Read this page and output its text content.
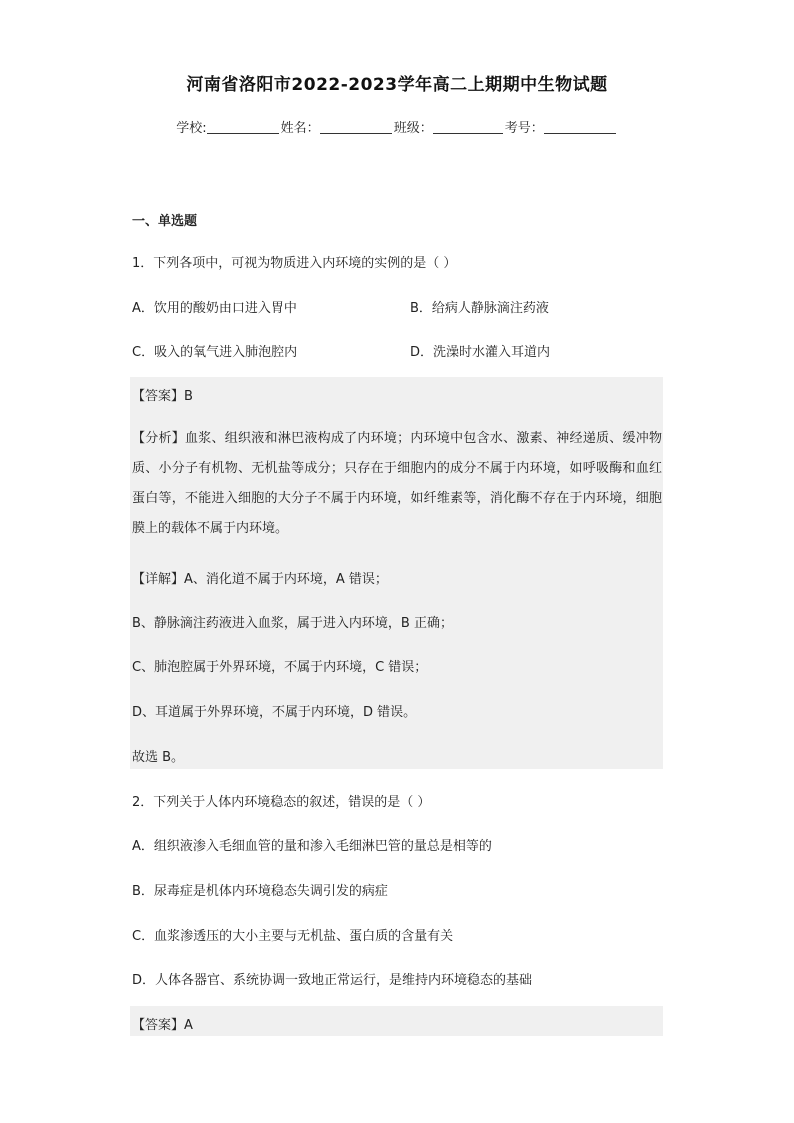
河南省洛阳市2022-2023学年高二上期期中生物试题
学校:	姓名：	班级：	考号：
一、单选题
1．下列各项中，可视为物质进入内环境的实例的是（ ）
A．饮用的酸奶由口进入胃中	B．给病人静脉滴注药液
C．吸入的氧气进入肺泡腔内	D．洗澡时水灌入耳道内
【答案】B
【分析】血浆、组织液和淋巴液构成了内环境；内环境中包含水、激素、神经递质、缓冲物质、小分子有机物、无机盐等成分；只存在于细胞内的成分不属于内环境，如呼吸酶和血红蛋白等，不能进入细胞的大分子不属于内环境，如纤维素等，消化酶不存在于内环境，细胞膜上的载体不属于内环境。
【详解】A、消化道不属于内环境，A 错误；
B、静脉滴注药液进入血浆，属于进入内环境，B 正确；
C、肺泡腔属于外界环境，不属于内环境，C 错误；
D、耳道属于外界环境，不属于内环境，D 错误。
故选 B。
2．下列关于人体内环境稳态的叙述，错误的是（ ）
A．组织液渗入毛细血管的量和渗入毛细淋巴管的量总是相等的
B．尿毒症是机体内环境稳态失调引发的病症
C．血浆渗透压的大小主要与无机盐、蛋白质的含量有关
D．人体各器官、系统协调一致地正常运行，是维持内环境稳态的基础
【答案】A
